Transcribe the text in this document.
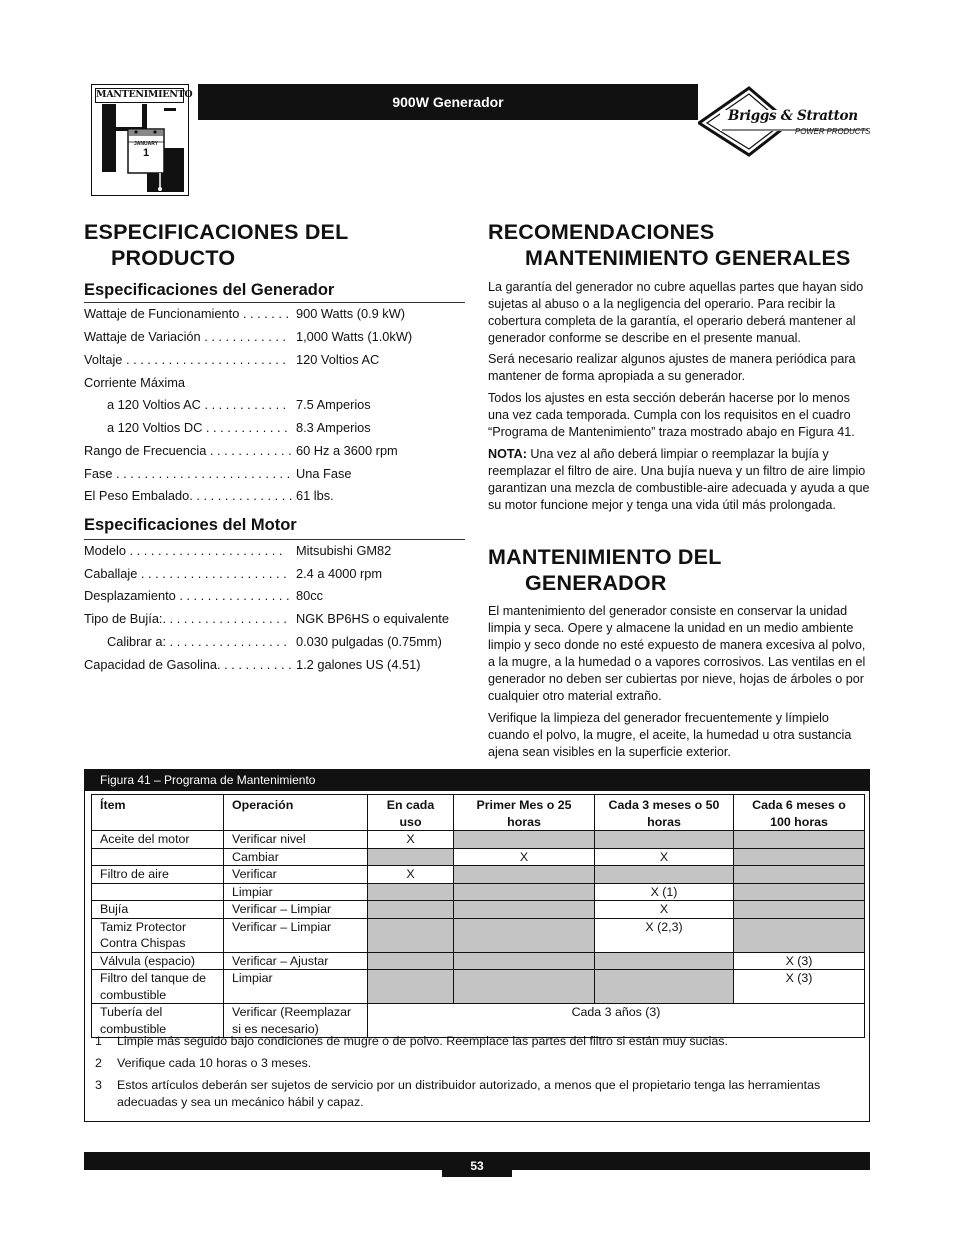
MANTENIMIENTO
JANUARY
1
900W Generador
Briggs & Stratton
POWER PRODUCTS
ESPECIFICACIONES DEL
PRODUCTO
Especificaciones del Generador
Wattaje de Funcionamiento . . . . . . . 900 Watts (0.9 kW)
Wattaje de Variación . . . . . . . . . . . . 1,000 Watts (1.0kW)
Voltaje . . . . . . . . . . . . . . . . . . . . . . . 120 Voltios AC
Corriente Máxima
a 120 Voltios AC . . . . . . . . . . . . 7.5 Amperios
a 120 Voltios DC . . . . . . . . . . . . 8.3 Amperios
Rango de Frecuencia . . . . . . . . . . . . 60 Hz a 3600 rpm
Fase . . . . . . . . . . . . . . . . . . . . . . . . . Una Fase
El Peso Embalado. . . . . . . . . . . . . . . 61 lbs.
Especificaciones del Motor
Modelo . . . . . . . . . . . . . . . . . . . . . . Mitsubishi GM82
Caballaje . . . . . . . . . . . . . . . . . . . . . 2.4 a 4000 rpm
Desplazamiento . . . . . . . . . . . . . . . . 80cc
Tipo de Bujía:. . . . . . . . . . . . . . . . . . NGK BP6HS o equivalente
Calibrar a: . . . . . . . . . . . . . . . . . 0.030 pulgadas (0.75mm)
Capacidad de Gasolina. . . . . . . . . . . 1.2 galones US (4.51)
RECOMENDACIONES
MANTENIMIENTO GENERALES
La garantía del generador no cubre aquellas partes que hayan sido sujetas al abuso o a la negligencia del operario. Para recibir la cobertura completa de la garantía, el operario deberá mantener al generador conforme se describe en el presente manual.
Será necesario realizar algunos ajustes de manera periódica para mantener de forma apropiada a su generador.
Todos los ajustes en esta sección deberán hacerse por lo menos una vez cada temporada. Cumpla con los requisitos en el cuadro “Programa de Mantenimiento” traza mostrado abajo en Figura 41.
NOTA: Una vez al año deberá limpiar o reemplazar la bujía y reemplazar el filtro de aire. Una bujía nueva y un filtro de aire limpio garantizan una mezcla de combustible-aire adecuada y ayuda a que su motor funcione mejor y tenga una vida útil más prolongada.
MANTENIMIENTO DEL
GENERADOR
El mantenimiento del generador consiste en conservar la unidad limpia y seca. Opere y almacene la unidad en un medio ambiente limpio y seco donde no esté expuesto de manera excesiva al polvo, a la mugre, a la humedad o a vapores corrosivos. Las ventilas en el generador no deben ser cubiertas por nieve, hojas de árboles o por cualquier otro material extraño.
Verifique la limpieza del generador frecuentemente y límpielo cuando el polvo, la mugre, el aceite, la humedad u otra sustancia ajena sean visibles en la superficie exterior.
Figura 41 – Programa de Mantenimiento
Ítem	Operación	En cada uso	Primer Mes o 25 horas	Cada 3 meses o 50 horas	Cada 6 meses o 100 horas
Aceite del motor	Verificar nivel	X			
	Cambiar		X	X	
Filtro de aire	Verificar	X			
	Limpiar			X (1)	
Bujía	Verificar – Limpiar			X	
Tamiz Protector Contra Chispas	Verificar – Limpiar			X (2,3)	
Válvula (espacio)	Verificar – Ajustar				X (3)
Filtro del tanque de combustible	Limpiar				X (3)
Tubería del combustible	Verificar (Reemplazar si es necesario)	Cada 3 años (3)			
1 Limpie más seguido bajo condiciones de mugre o de polvo. Reemplace las partes del filtro si están muy sucias.
2 Verifique cada 10 horas o 3 meses.
3 Estos artículos deberán ser sujetos de servicio por un distribuidor autorizado, a menos que el propietario tenga las herramientas adecuadas y sea un mecánico hábil y capaz.
53
